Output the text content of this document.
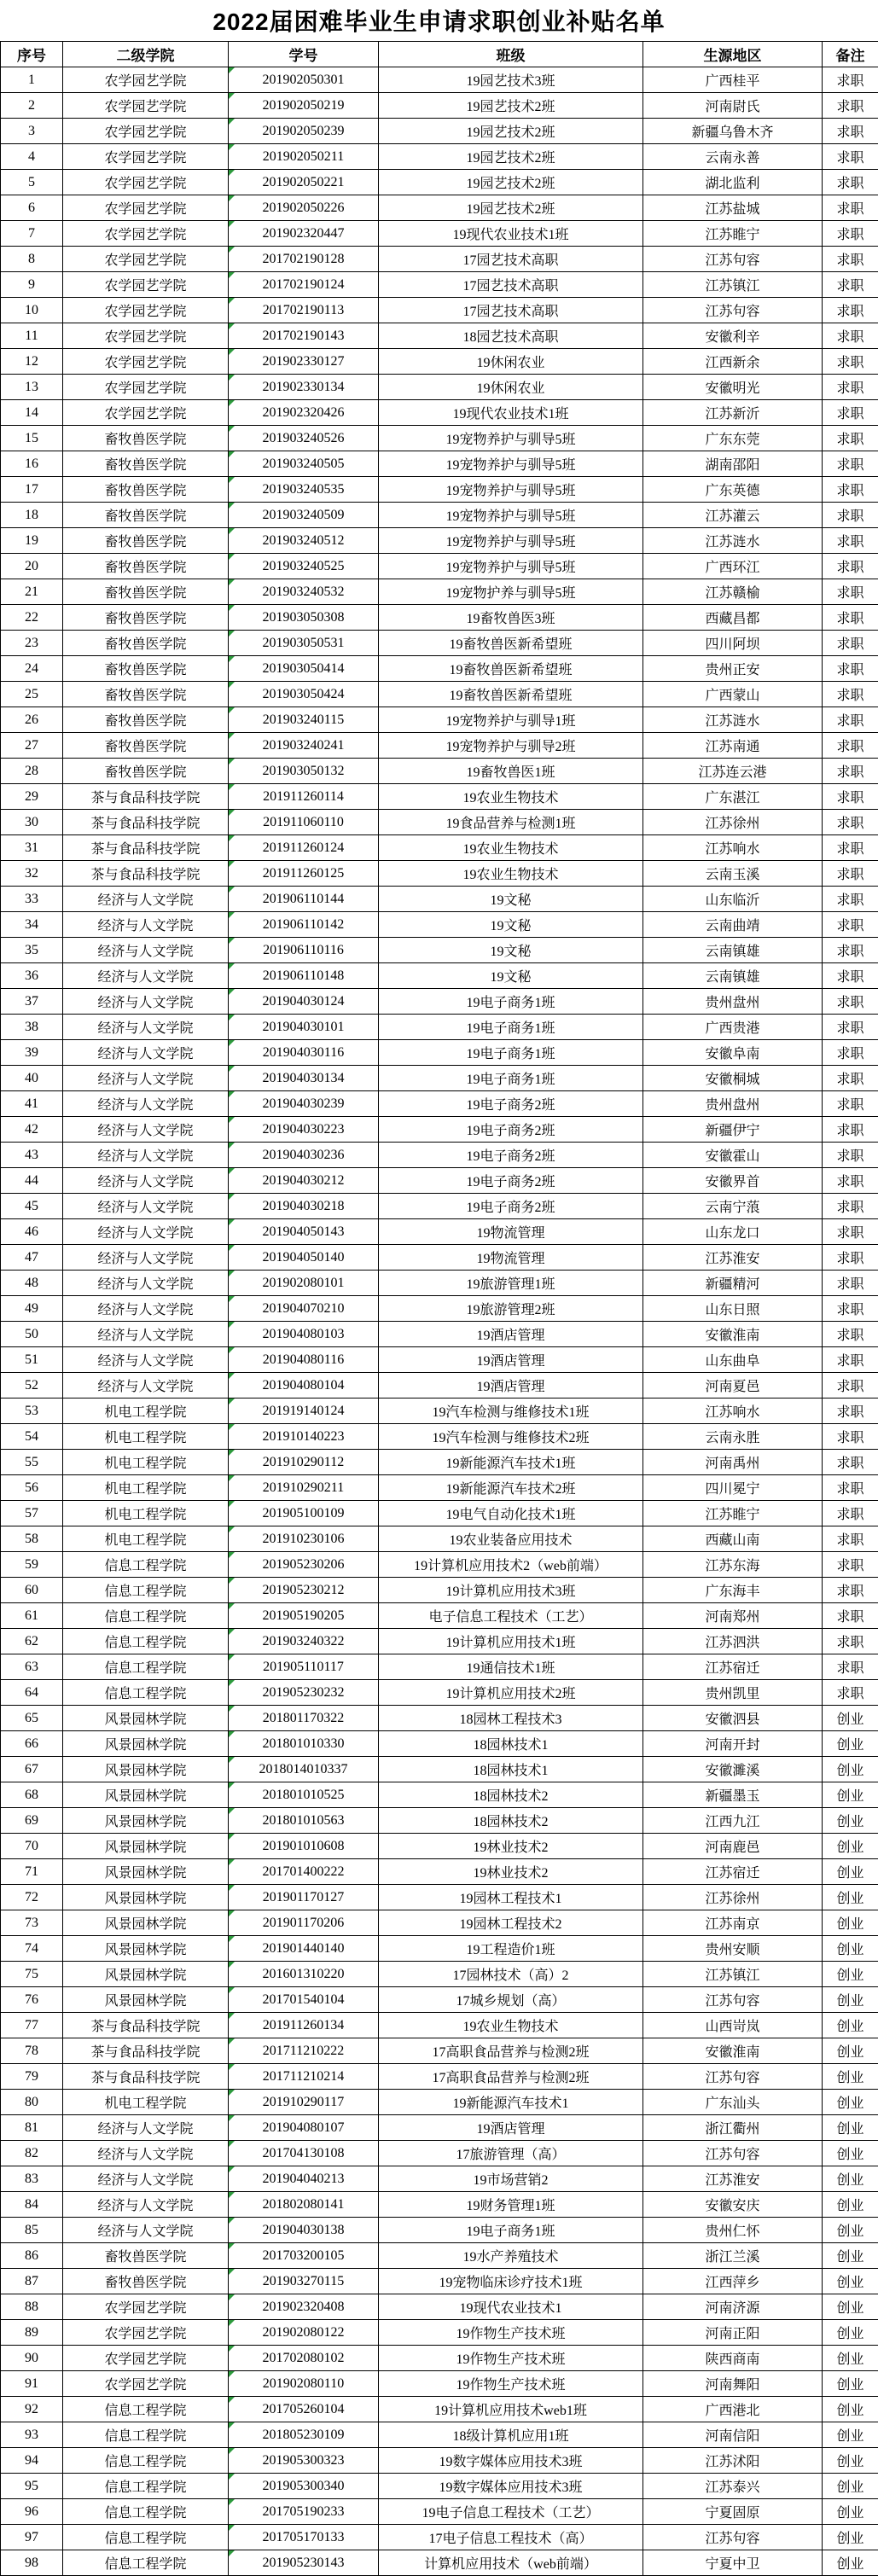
2022届困难毕业生申请求职创业补贴名单
序号	二级学院	学号	班级	生源地区	备注
1	农学园艺学院	201902050301	19园艺技术3班	广西桂平	求职
2	农学园艺学院	201902050219	19园艺技术2班	河南尉氏	求职
3	农学园艺学院	201902050239	19园艺技术2班	新疆乌鲁木齐	求职
4	农学园艺学院	201902050211	19园艺技术2班	云南永善	求职
5	农学园艺学院	201902050221	19园艺技术2班	湖北监利	求职
6	农学园艺学院	201902050226	19园艺技术2班	江苏盐城	求职
7	农学园艺学院	201902320447	19现代农业技术1班	江苏睢宁	求职
8	农学园艺学院	201702190128	17园艺技术高职	江苏句容	求职
9	农学园艺学院	201702190124	17园艺技术高职	江苏镇江	求职
10	农学园艺学院	201702190113	17园艺技术高职	江苏句容	求职
11	农学园艺学院	201702190143	18园艺技术高职	安徽利辛	求职
12	农学园艺学院	201902330127	19休闲农业	江西新余	求职
13	农学园艺学院	201902330134	19休闲农业	安徽明光	求职
14	农学园艺学院	201902320426	19现代农业技术1班	江苏新沂	求职
15	畜牧兽医学院	201903240526	19宠物养护与驯导5班	广东东莞	求职
16	畜牧兽医学院	201903240505	19宠物养护与驯导5班	湖南邵阳	求职
17	畜牧兽医学院	201903240535	19宠物养护与驯导5班	广东英德	求职
18	畜牧兽医学院	201903240509	19宠物养护与驯导5班	江苏灌云	求职
19	畜牧兽医学院	201903240512	19宠物养护与驯导5班	江苏涟水	求职
20	畜牧兽医学院	201903240525	19宠物养护与驯导5班	广西环江	求职
21	畜牧兽医学院	201903240532	19宠物护养与驯导5班	江苏赣榆	求职
22	畜牧兽医学院	201903050308	19畜牧兽医3班	西藏昌都	求职
23	畜牧兽医学院	201903050531	19畜牧兽医新希望班	四川阿坝	求职
24	畜牧兽医学院	201903050414	19畜牧兽医新希望班	贵州正安	求职
25	畜牧兽医学院	201903050424	19畜牧兽医新希望班	广西蒙山	求职
26	畜牧兽医学院	201903240115	19宠物养护与驯导1班	江苏涟水	求职
27	畜牧兽医学院	201903240241	19宠物养护与驯导2班	江苏南通	求职
28	畜牧兽医学院	201903050132	19畜牧兽医1班	江苏连云港	求职
29	茶与食品科技学院	201911260114	19农业生物技术	广东湛江	求职
30	茶与食品科技学院	201911060110	19食品营养与检测1班	江苏徐州	求职
31	茶与食品科技学院	201911260124	19农业生物技术	江苏响水	求职
32	茶与食品科技学院	201911260125	19农业生物技术	云南玉溪	求职
33	经济与人文学院	201906110144	19文秘	山东临沂	求职
34	经济与人文学院	201906110142	19文秘	云南曲靖	求职
35	经济与人文学院	201906110116	19文秘	云南镇雄	求职
36	经济与人文学院	201906110148	19文秘	云南镇雄	求职
37	经济与人文学院	201904030124	19电子商务1班	贵州盘州	求职
38	经济与人文学院	201904030101	19电子商务1班	广西贵港	求职
39	经济与人文学院	201904030116	19电子商务1班	安徽阜南	求职
40	经济与人文学院	201904030134	19电子商务1班	安徽桐城	求职
41	经济与人文学院	201904030239	19电子商务2班	贵州盘州	求职
42	经济与人文学院	201904030223	19电子商务2班	新疆伊宁	求职
43	经济与人文学院	201904030236	19电子商务2班	安徽霍山	求职
44	经济与人文学院	201904030212	19电子商务2班	安徽界首	求职
45	经济与人文学院	201904030218	19电子商务2班	云南宁蒗	求职
46	经济与人文学院	201904050143	19物流管理	山东龙口	求职
47	经济与人文学院	201904050140	19物流管理	江苏淮安	求职
48	经济与人文学院	201902080101	19旅游管理1班	新疆精河	求职
49	经济与人文学院	201904070210	19旅游管理2班	山东日照	求职
50	经济与人文学院	201904080103	19酒店管理	安徽淮南	求职
51	经济与人文学院	201904080116	19酒店管理	山东曲阜	求职
52	经济与人文学院	201904080104	19酒店管理	河南夏邑	求职
53	机电工程学院	201919140124	19汽车检测与维修技术1班	江苏响水	求职
54	机电工程学院	201910140223	19汽车检测与维修技术2班	云南永胜	求职
55	机电工程学院	201910290112	19新能源汽车技术1班	河南禹州	求职
56	机电工程学院	201910290211	19新能源汽车技术2班	四川冕宁	求职
57	机电工程学院	201905100109	19电气自动化技术1班	江苏睢宁	求职
58	机电工程学院	201910230106	19农业装备应用技术	西藏山南	求职
59	信息工程学院	201905230206	19计算机应用技术2（web前端）	江苏东海	求职
60	信息工程学院	201905230212	19计算机应用技术3班	广东海丰	求职
61	信息工程学院	201905190205	电子信息工程技术（工艺）	河南郑州	求职
62	信息工程学院	201903240322	19计算机应用技术1班	江苏泗洪	求职
63	信息工程学院	201905110117	19通信技术1班	江苏宿迁	求职
64	信息工程学院	201905230232	19计算机应用技术2班	贵州凯里	求职
65	风景园林学院	201801170322	18园林工程技术3	安徽泗县	创业
66	风景园林学院	201801010330	18园林技术1	河南开封	创业
67	风景园林学院	2018014010337	18园林技术1	安徽濉溪	创业
68	风景园林学院	201801010525	18园林技术2	新疆墨玉	创业
69	风景园林学院	201801010563	18园林技术2	江西九江	创业
70	风景园林学院	201901010608	19林业技术2	河南鹿邑	创业
71	风景园林学院	201701400222	19林业技术2	江苏宿迁	创业
72	风景园林学院	201901170127	19园林工程技术1	江苏徐州	创业
73	风景园林学院	201901170206	19园林工程技术2	江苏南京	创业
74	风景园林学院	201901440140	19工程造价1班	贵州安顺	创业
75	风景园林学院	201601310220	17园林技术（高）2	江苏镇江	创业
76	风景园林学院	201701540104	17城乡规划（高）	江苏句容	创业
77	茶与食品科技学院	201911260134	19农业生物技术	山西岢岚	创业
78	茶与食品科技学院	201711210222	17高职食品营养与检测2班	安徽淮南	创业
79	茶与食品科技学院	201711210214	17高职食品营养与检测2班	江苏句容	创业
80	机电工程学院	201910290117	19新能源汽车技术1	广东汕头	创业
81	经济与人文学院	201904080107	19酒店管理	浙江衢州	创业
82	经济与人文学院	201704130108	17旅游管理（高）	江苏句容	创业
83	经济与人文学院	201904040213	19市场营销2	江苏淮安	创业
84	经济与人文学院	201802080141	19财务管理1班	安徽安庆	创业
85	经济与人文学院	201904030138	19电子商务1班	贵州仁怀	创业
86	畜牧兽医学院	201703200105	19水产养殖技术	浙江兰溪	创业
87	畜牧兽医学院	201903270115	19宠物临床诊疗技术1班	江西萍乡	创业
88	农学园艺学院	201902320408	19现代农业技术1	河南济源	创业
89	农学园艺学院	201902080122	19作物生产技术班	河南正阳	创业
90	农学园艺学院	201702080102	19作物生产技术班	陕西商南	创业
91	农学园艺学院	201902080110	19作物生产技术班	河南舞阳	创业
92	信息工程学院	201705260104	19计算机应用技术web1班	广西港北	创业
93	信息工程学院	201805230109	18级计算机应用1班	河南信阳	创业
94	信息工程学院	201905300323	19数字媒体应用技术3班	江苏沭阳	创业
95	信息工程学院	201905300340	19数字媒体应用技术3班	江苏泰兴	创业
96	信息工程学院	201705190233	19电子信息工程技术（工艺）	宁夏固原	创业
97	信息工程学院	201705170133	17电子信息工程技术（高）	江苏句容	创业
98	信息工程学院	201905230143	计算机应用技术（web前端）	宁夏中卫	创业
